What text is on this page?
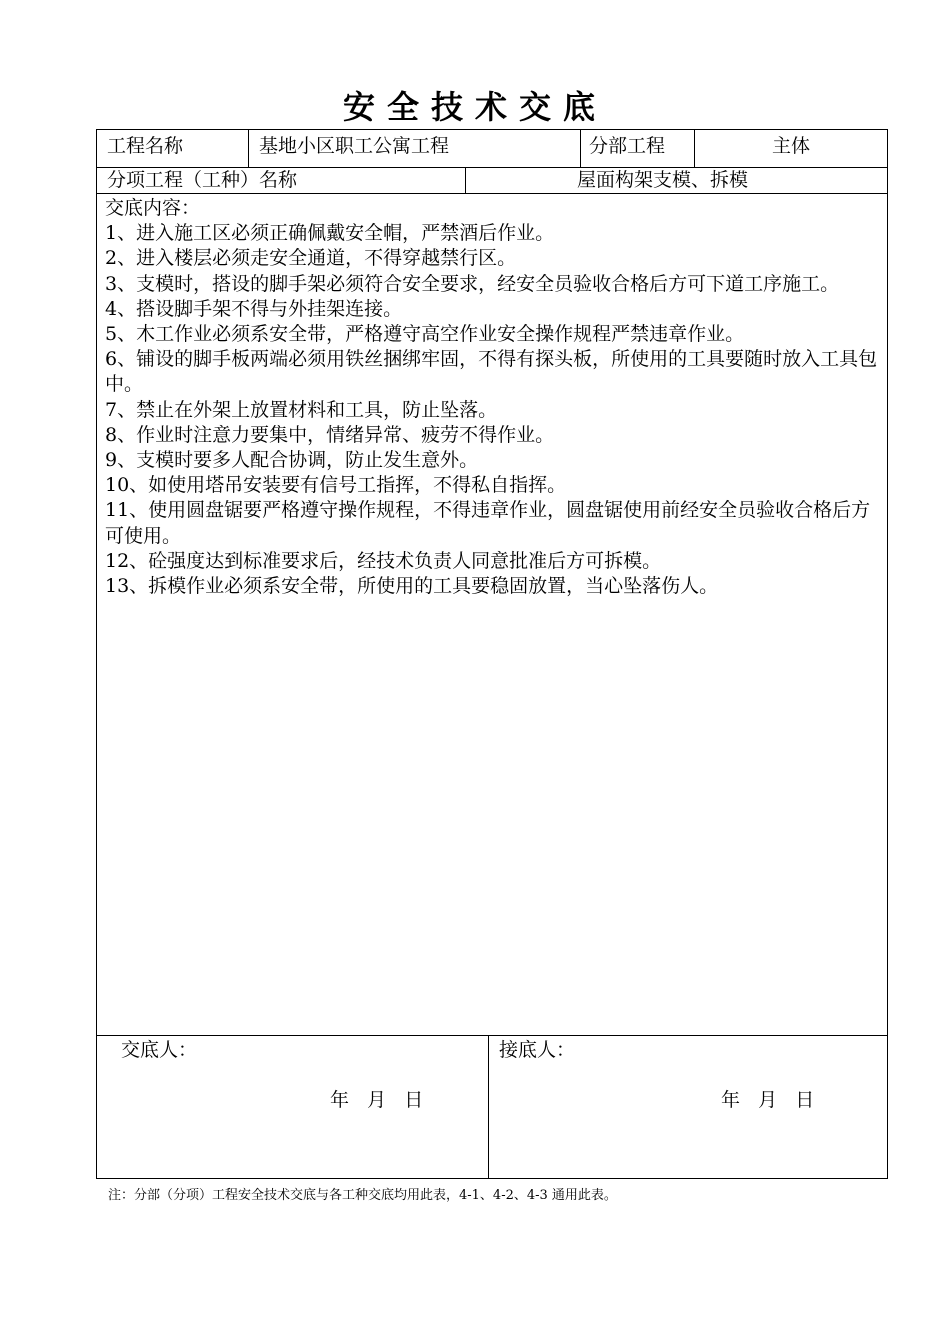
安全技术交底
工程名称	基地小区职工公寓工程	分部工程	主体
分项工程（工种）名称	屋面构架支模、拆模

交底内容：

1、进入施工区必须正确佩戴安全帽，严禁酒后作业。

2、进入楼层必须走安全通道，不得穿越禁行区。

3、支模时，搭设的脚手架必须符合安全要求，经安全员验收合格后方可下道工序施工。

4、搭设脚手架不得与外挂架连接。

5、木工作业必须系安全带，严格遵守高空作业安全操作规程严禁违章作业。

6、铺设的脚手板两端必须用铁丝捆绑牢固，不得有探头板，所使用的工具要随时放入工具包中。

7、禁止在外架上放置材料和工具，防止坠落。

8、作业时注意力要集中，情绪异常、疲劳不得作业。

9、支模时要多人配合协调，防止发生意外。

10、如使用塔吊安装要有信号工指挥，不得私自指挥。

11、使用圆盘锯要严格遵守操作规程，不得违章作业，圆盘锯使用前经安全员验收合格后方可使用。

12、砼强度达到标准要求后，经技术负责人同意批准后方可拆模。

13、拆模作业必须系安全带，所使用的工具要稳固放置，当心坠落伤人。

交底人：
年   月   日
接底人：
年   月   日
注：分部（分项）工程安全技术交底与各工种交底均用此表，4-1、4-2、4-3 通用此表。
